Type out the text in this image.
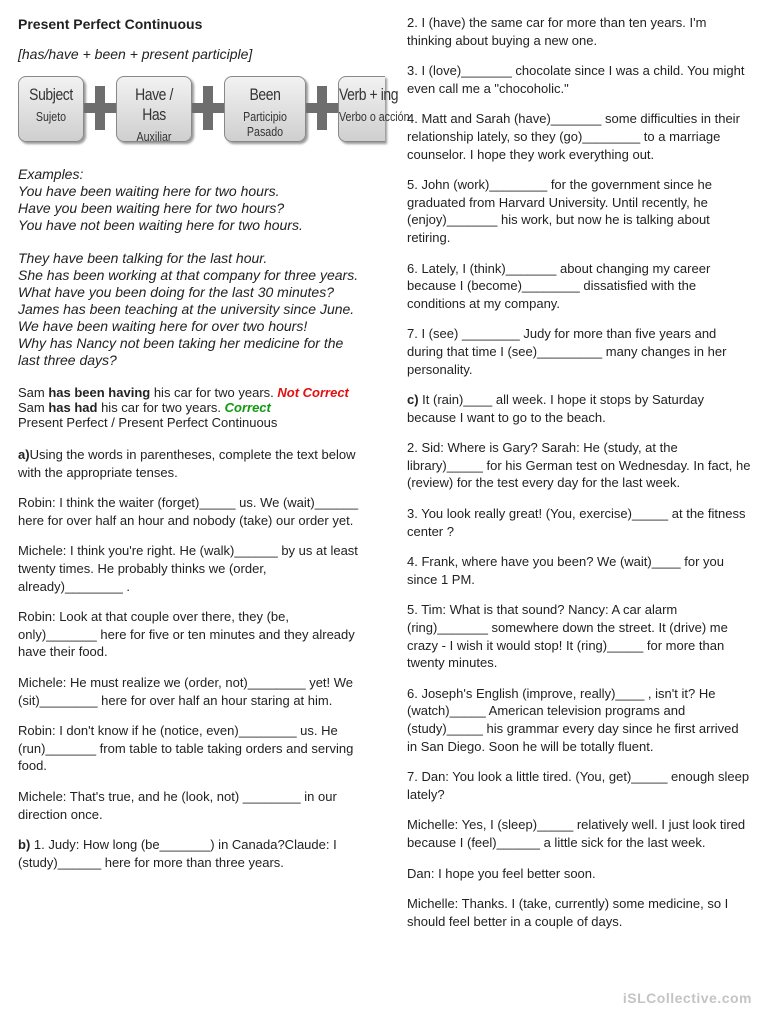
Present Perfect Continuous
[has/have + been + present participle]
Subject
Sujeto
Have / Has
Auxiliar
Been
Participio Pasado
Verb + ing
Verbo o acción

Examples:

You have been waiting here for two hours.

Have you been waiting here for two hours?

You have not been waiting here for two hours.

They have been talking for the last hour.

She has been working at that company for three years.

What have you been doing for the last 30 minutes?

James has been teaching at the university since June.

We have been waiting here for over two hours!

Why has Nancy not been taking her medicine for the last three days?

Sam has been having his car for two years. Not Correct
Sam has had his car for two years. Correct
Present Perfect / Present Perfect Continuous

a)Using the words in parentheses, complete the text below with the appropriate tenses.

Robin: I think the waiter (forget)_____ us. We (wait)______ here for over half an hour and nobody (take) our order yet.

Michele: I think you're right. He (walk)______ by us at least twenty times. He probably thinks we (order, already)________ .

Robin: Look at that couple over there, they (be, only)_______ here for five or ten minutes and they already have their food.

Michele: He must realize we (order, not)________ yet! We (sit)________ here for over half an hour staring at him.

Robin: I don't know if he (notice, even)________ us. He (run)_______ from table to table taking orders and serving food.

Michele: That's true, and he (look, not) ________ in our direction once.

b) 1. Judy: How long (be_______) in Canada?Claude: I (study)______ here for more than three years.

2. I (have) the same car for more than ten years. I'm thinking about buying a new one.

3. I (love)_______ chocolate since I was a child. You might even call me a "chocoholic."

4. Matt and Sarah (have)_______ some difficulties in their relationship lately, so they (go)________ to a marriage counselor. I hope they work everything out.

5. John (work)________ for the government since he graduated from Harvard University. Until recently, he (enjoy)_______ his work, but now he is talking about retiring.

6. Lately, I (think)_______ about changing my career because I (become)________ dissatisfied with the conditions at my company.

7. I (see) ________ Judy for more than five years and during that time I (see)_________ many changes in her personality.

c) It (rain)____ all week. I hope it stops by Saturday because I want to go to the beach.

2. Sid: Where is Gary? Sarah: He (study, at the library)_____ for his German test on Wednesday. In fact, he (review) for the test every day for the last week.

3. You look really great! (You, exercise)_____ at the fitness center ?

4. Frank, where have you been? We (wait)____ for you since 1 PM.

5. Tim: What is that sound? Nancy: A car alarm (ring)_______ somewhere down the street. It (drive) me crazy - I wish it would stop! It (ring)_____ for more than twenty minutes.

6. Joseph's English (improve, really)____ , isn't it? He (watch)_____ American television programs and (study)_____ his grammar every day since he first arrived in San Diego. Soon he will be totally fluent.

7. Dan: You look a little tired. (You, get)_____ enough sleep lately?

Michelle: Yes, I (sleep)_____ relatively well. I just look tired because I (feel)______ a little sick for the last week.

Dan: I hope you feel better soon.

Michelle: Thanks. I (take, currently) some medicine, so I should feel better in a couple of days.

iSLCollective.com
